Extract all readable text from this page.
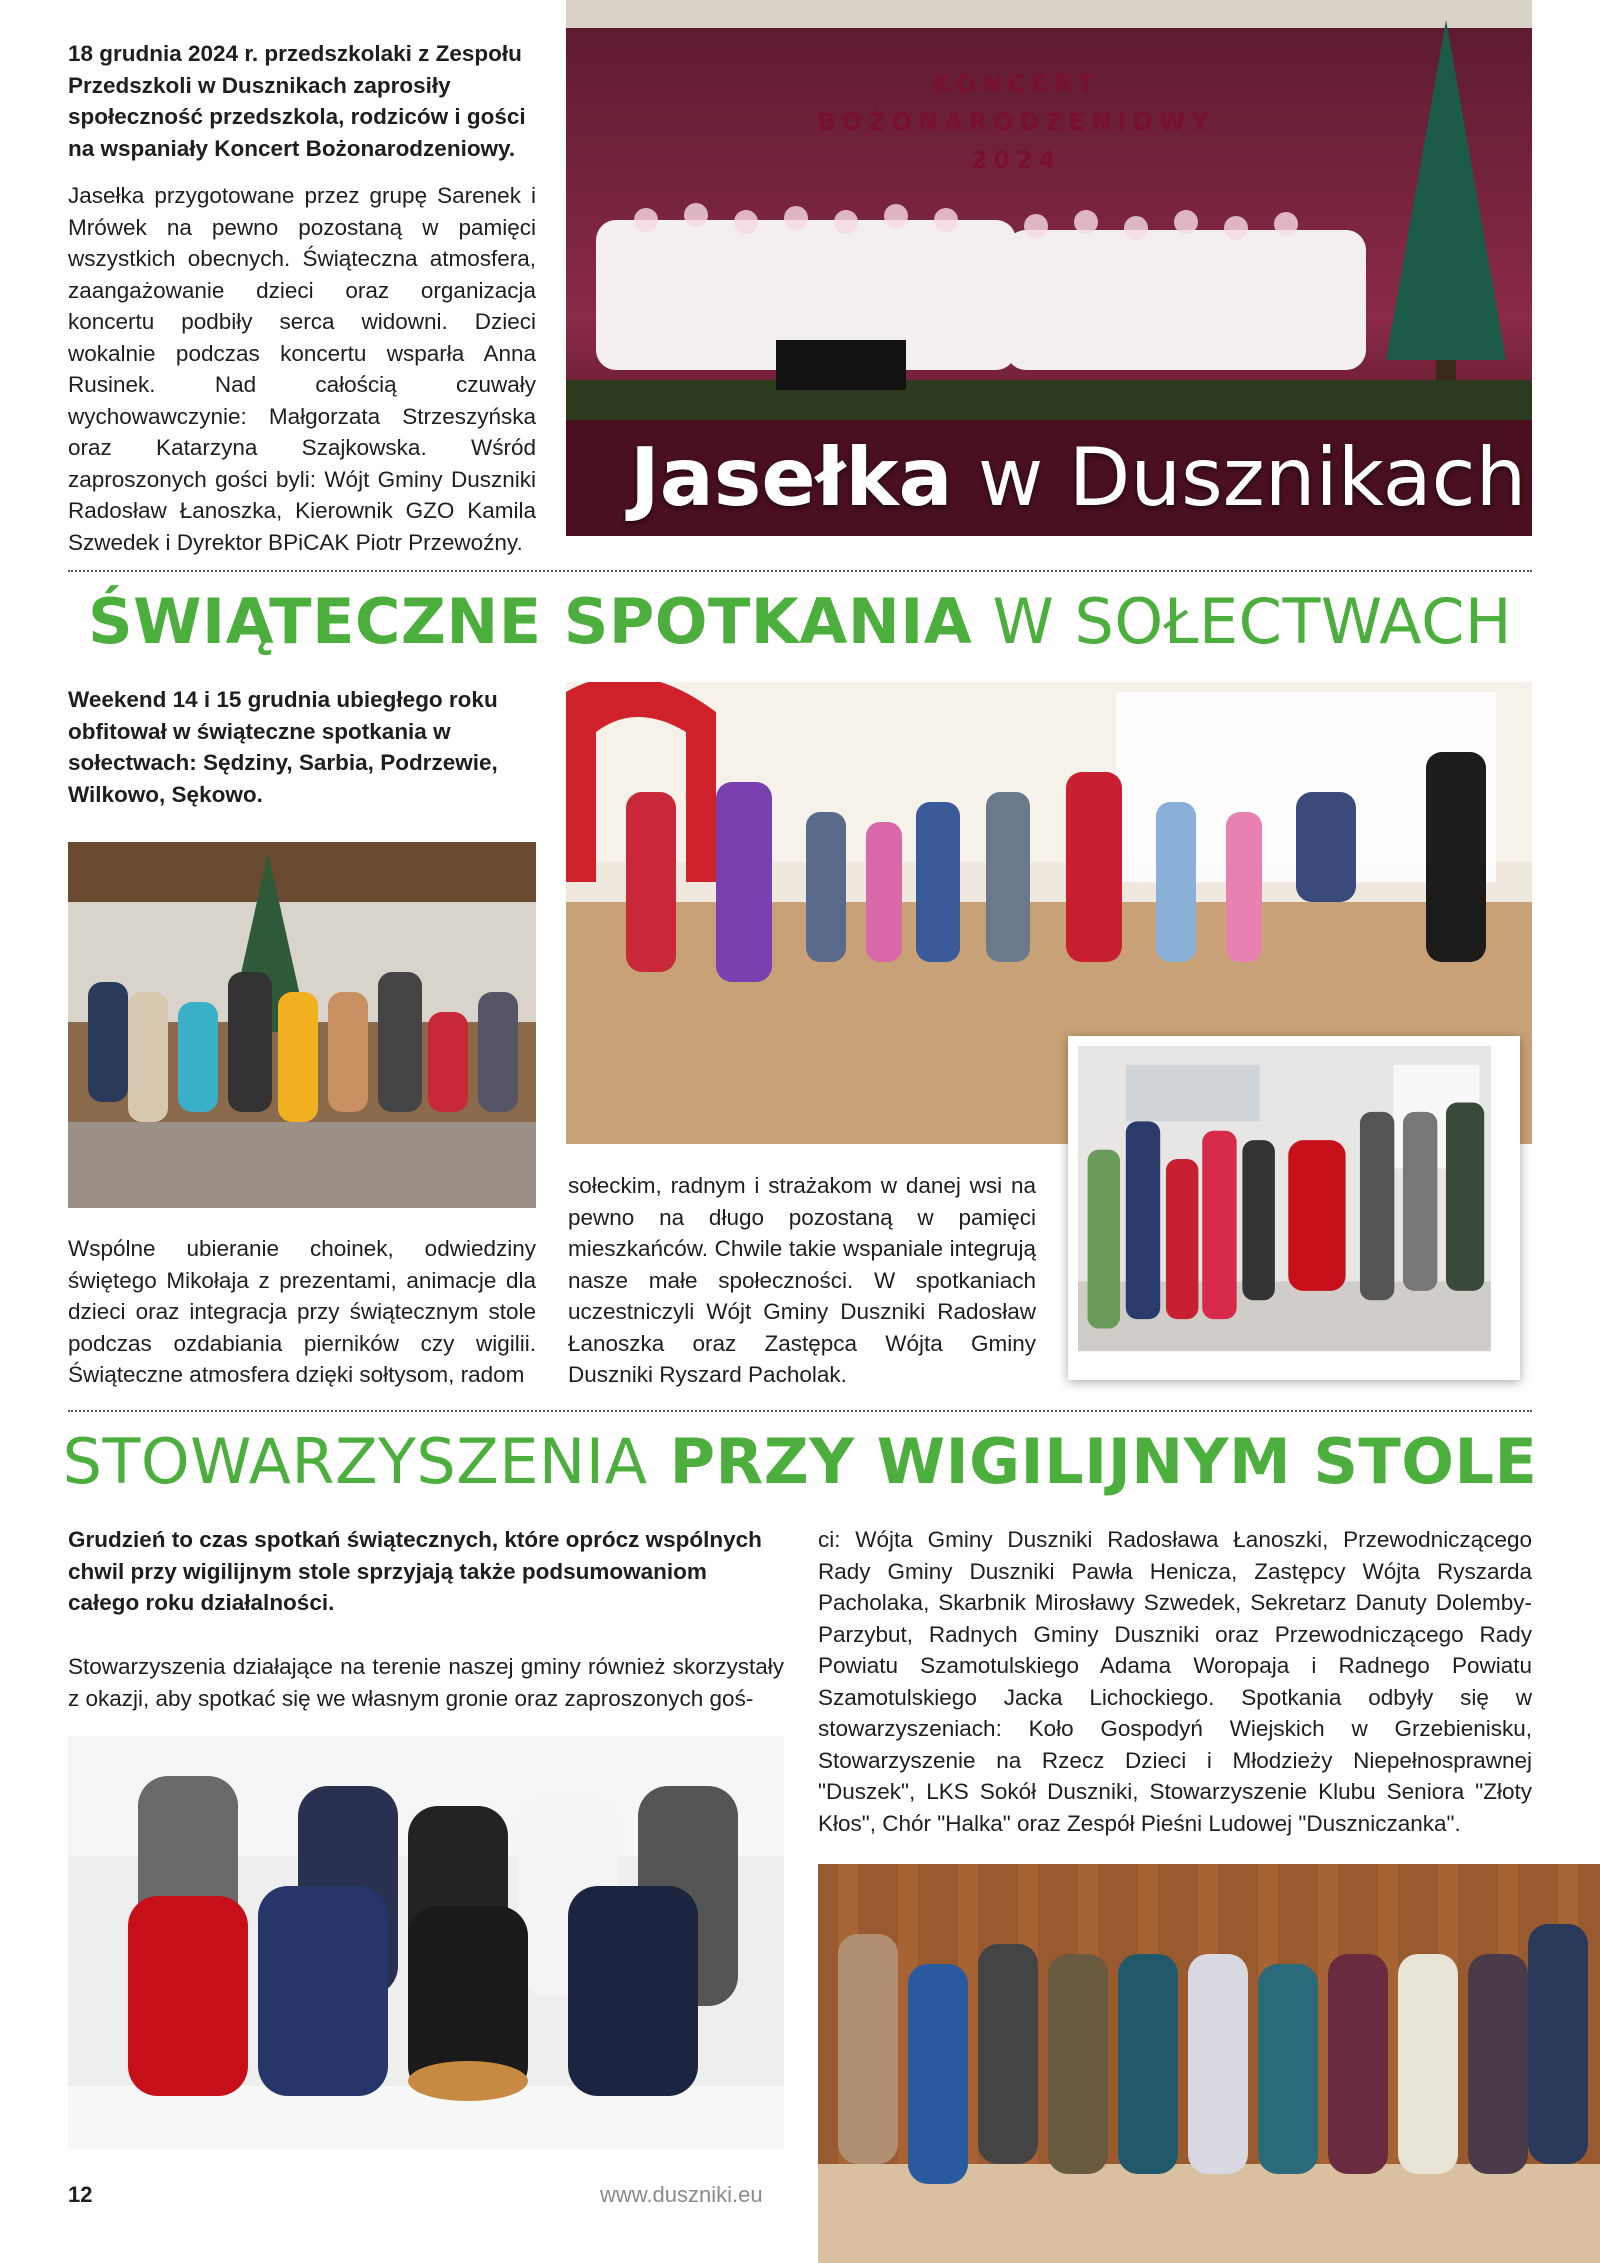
18 grudnia 2024 r. przedszkolaki z Zespołu Przedszkoli w Dusznikach zaprosiły społeczność przedszkola, rodziców i gości na wspaniały Koncert Bożonarodzeniowy.

Jasełka przygotowane przez grupę Sarenek i Mrówek na pewno pozostaną w pamięci wszystkich obecnych. Świąteczna atmosfera, zaangażowanie dzieci oraz organizacja koncertu podbiły serca widowni. Dzieci wokalnie podczas koncertu wsparła Anna Rusinek. Nad całością czuwały wychowawczynie: Małgorzata Strzeszyńska oraz Katarzyna Szajkowska. Wśród zaproszonych gości byli: Wójt Gminy Duszniki Radosław Łanoszka, Kierownik GZO Kamila Szwedek i Dyrektor BPiCAK Piotr Przewoźny.

KONCERT
BOŻONARODZENIOWY
2024
Jasełka w Dusznikach
ŚWIĄTECZNE SPOTKANIA W SOŁECTWACH

Weekend 14 i 15 grudnia ubiegłego roku obfitował w świąteczne spotkania w sołectwach: Sędziny, Sarbia, Podrzewie, Wilkowo, Sękowo.

Wspólne ubieranie choinek, odwiedziny świętego Mikołaja z prezentami, animacje dla dzieci oraz integracja przy świątecznym stole podczas ozdabiania pierników czy wigilii. Świąteczne atmosfera dzięki sołtysom, radom

sołeckim, radnym i strażakom w danej wsi na pewno na długo pozostaną w pamięci mieszkańców. Chwile takie wspaniale integrują nasze małe społeczności. W spotkaniach uczestniczyli Wójt Gminy Duszniki Radosław Łanoszka oraz Zastępca Wójta Gminy Duszniki Ryszard Pacholak.

STOWARZYSZENIA PRZY WIGILIJNYM STOLE

Grudzień to czas spotkań świątecznych, które oprócz wspólnych chwil przy wigilijnym stole sprzyjają także podsumowaniom całego roku działalności.

Stowarzyszenia działające na terenie naszej gminy również skorzystały z okazji, aby spotkać się we własnym gronie oraz zaproszonych goś-

ci: Wójta Gminy Duszniki Radosława Łanoszki, Przewodniczącego Rady Gminy Duszniki Pawła Henicza, Zastępcy Wójta Ryszarda Pacholaka, Skarbnik Mirosławy Szwedek, Sekretarz Danuty Dolemby-Parzybut, Radnych Gminy Duszniki oraz Przewodniczącego Rady Powiatu Szamotulskiego Adama Woropaja i Radnego Powiatu Szamotulskiego Jacka Lichockiego. Spotkania odbyły się w stowarzyszeniach: Koło Gospodyń Wiejskich w Grzebienisku, Stowarzyszenie na Rzecz Dzieci i Młodzieży Niepełnosprawnej "Duszek", LKS Sokół Duszniki, Stowarzyszenie Klubu Seniora "Złoty Kłos", Chór "Halka" oraz Zespół Pieśni Ludowej "Duszniczanka".

12	www.duszniki.eu
